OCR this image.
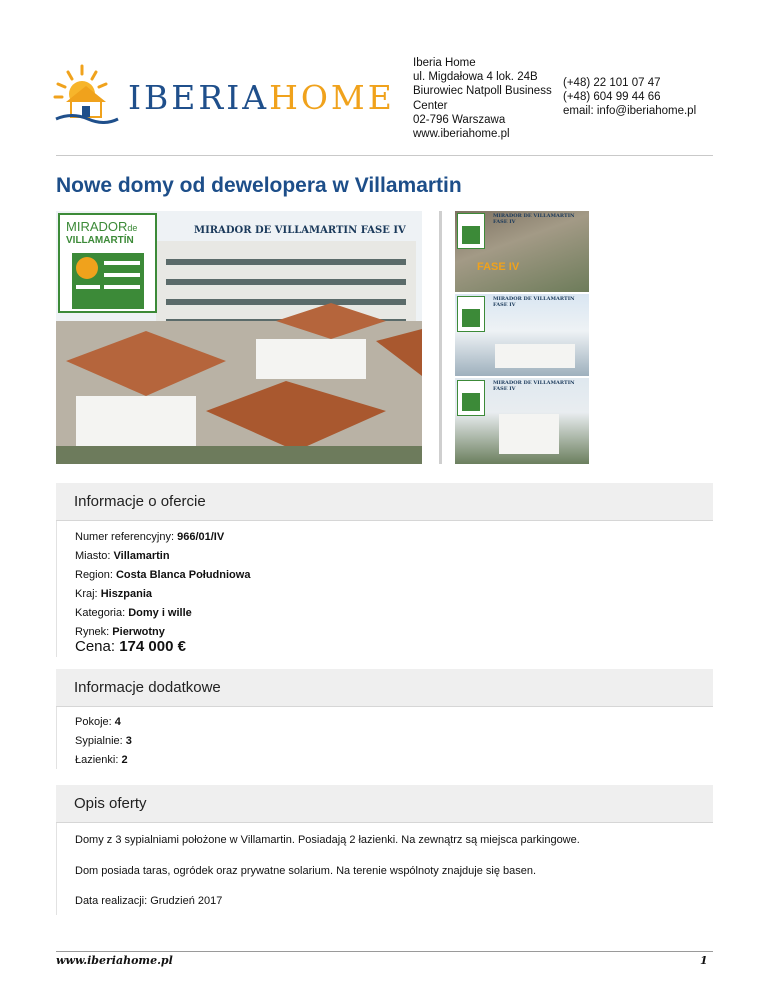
IBERIAHOME
Iberia Home
ul. Migdałowa 4 lok. 24B
Biurowiec Natpoll Business
Center
02-796 Warszawa
www.iberiahome.pl
(+48) 22 101 07 47
(+48) 604 99 44 66
email: info@iberiahome.pl
Nowe domy od dewelopera w Villamartin
MIRADORde
VILLAMARTÍN
MIRADOR DE VILLAMARTIN FASE IV
MIRADOR DE VILLAMARTIN FASE IV
FASE IV
MIRADOR DE VILLAMARTIN FASE IV
MIRADOR DE VILLAMARTIN FASE IV
Informacje o ofercie
Numer referencyjny: 966/01/IV
Miasto: Villamartin
Region: Costa Blanca Południowa
Kraj: Hiszpania
Kategoria: Domy i wille
Rynek: Pierwotny
Cena: 174 000 €
Informacje dodatkowe
Pokoje: 4
Sypialnie: 3
Łazienki: 2
Opis oferty
Domy z 3 sypialniami położone w Villamartin. Posiadają 2 łazienki. Na zewnątrz są miejsca parkingowe.
Dom posiada taras, ogródek oraz prywatne solarium. Na terenie wspólnoty znajduje się basen.
Data realizacji: Grudzień 2017
www.iberiahome.pl	1
